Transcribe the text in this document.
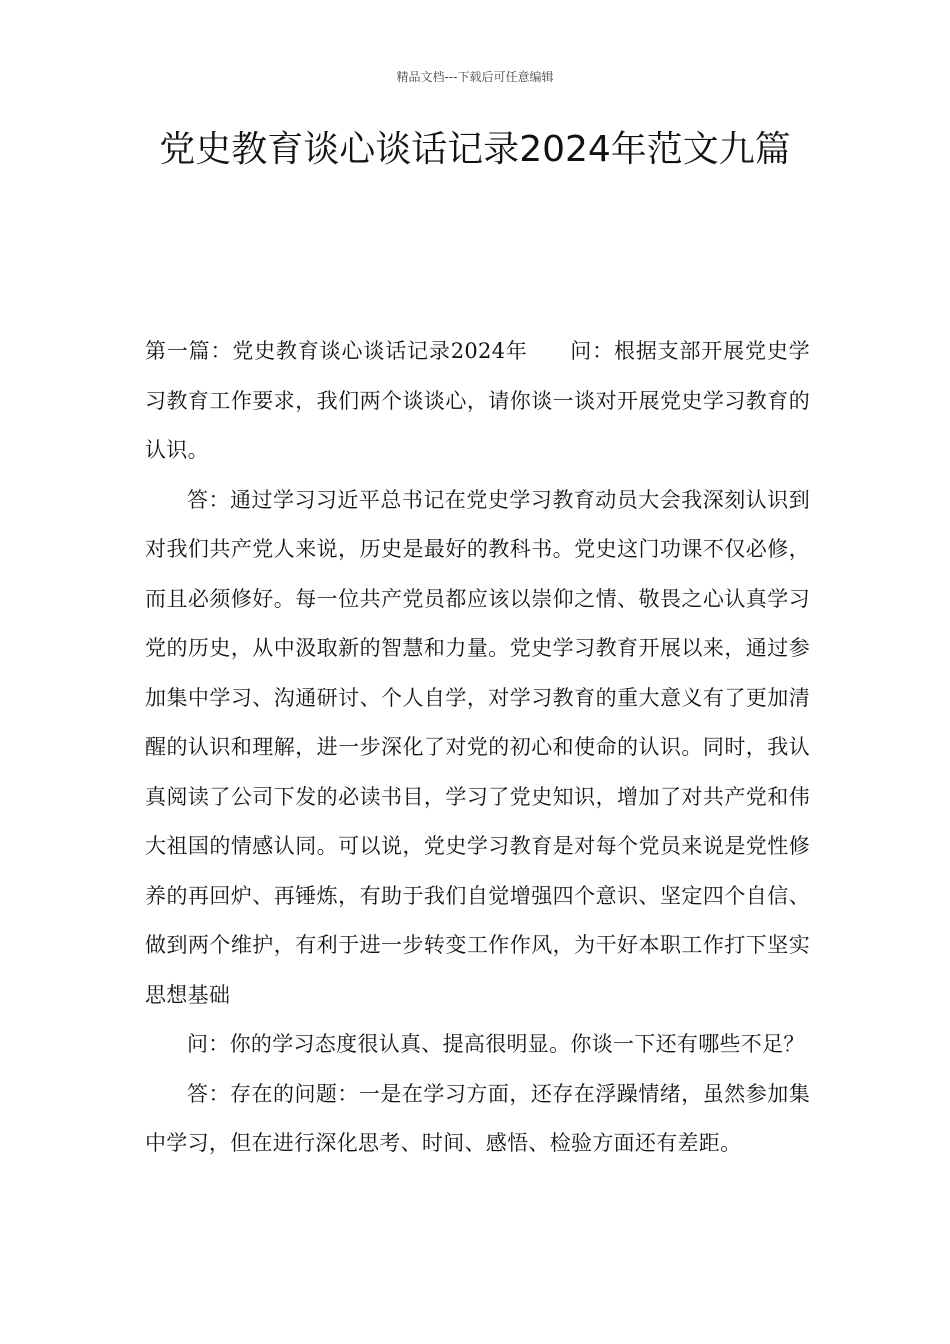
精品文档---下载后可任意编辑
党史教育谈心谈话记录2024年范文九篇

第一篇：党史教育谈心谈话记录2024年 问：根据支部开展党史学习教育工作要求，我们两个谈谈心，请你谈一谈对开展党史学习教育的认识。

答：通过学习习近平总书记在党史学习教育动员大会我深刻认识到对我们共产党人来说，历史是最好的教科书。党史这门功课不仅必修，而且必须修好。每一位共产党员都应该以崇仰之情、敬畏之心认真学习党的历史，从中汲取新的智慧和力量。党史学习教育开展以来，通过参加集中学习、沟通研讨、个人自学，对学习教育的重大意义有了更加清醒的认识和理解，进一步深化了对党的初心和使命的认识。同时，我认真阅读了公司下发的必读书目，学习了党史知识，增加了对共产党和伟大祖国的情感认同。可以说，党史学习教育是对每个党员来说是党性修养的再回炉、再锤炼，有助于我们自觉增强四个意识、坚定四个自信、做到两个维护，有利于进一步转变工作作风，为干好本职工作打下坚实思想基础

问：你的学习态度很认真、提高很明显。你谈一下还有哪些不足？

答：存在的问题：一是在学习方面，还存在浮躁情绪，虽然参加集中学习，但在进行深化思考、时间、感悟、检验方面还有差距。
